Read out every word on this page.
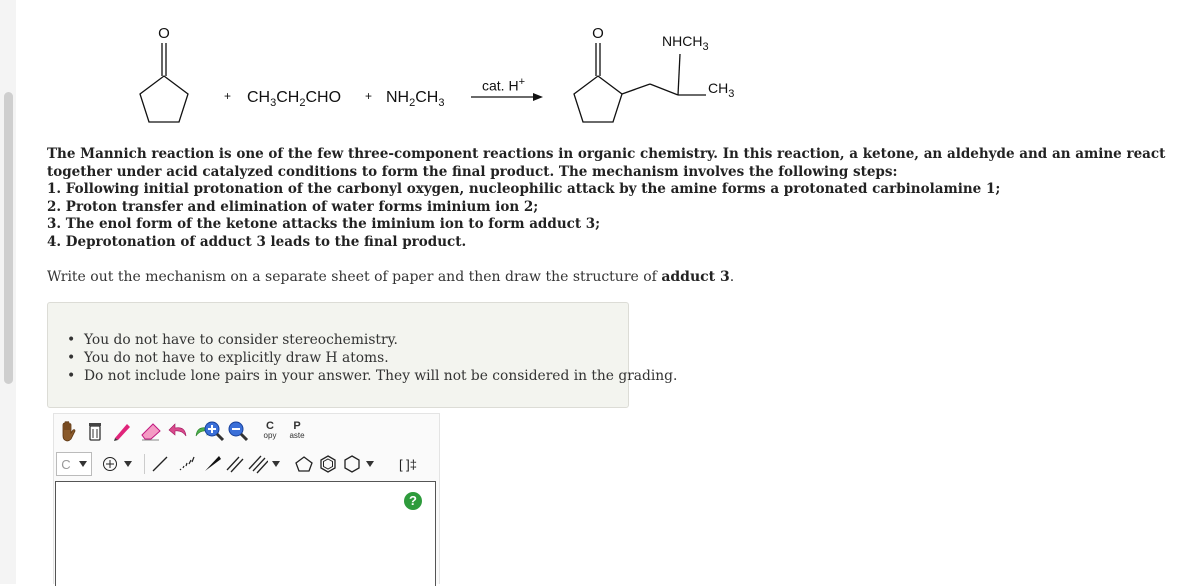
O	O
+ $CH_3CH_2CHO + NH_2CH_3$
cat. H+
$NHCH_3$
$CH_3$

The Mannich reaction is one of the few three-component reactions in organic chemistry. In this reaction, a ketone, an aldehyde and an amine react together under acid catalyzed conditions to form the final product. The mechanism involves the following steps:

1. Following initial protonation of the carbonyl oxygen, nucleophilic attack by the amine forms a protonated carbinolamine 1;

2. Proton transfer and elimination of water forms iminium ion 2;

3. The enol form of the ketone attacks the iminium ion to form adduct 3;

4. Deprotonation of adduct 3 leads to the final product.

Write out the mechanism on a separate sheet of paper and then draw the structure of adduct 3.
• You do not have to consider stereochemistry.
• You do not have to explicitly draw H atoms.
• Do not include lone pairs in your answer. They will not be considered in the grading.
C
opy
P
aste
C	[ ]‡
?
